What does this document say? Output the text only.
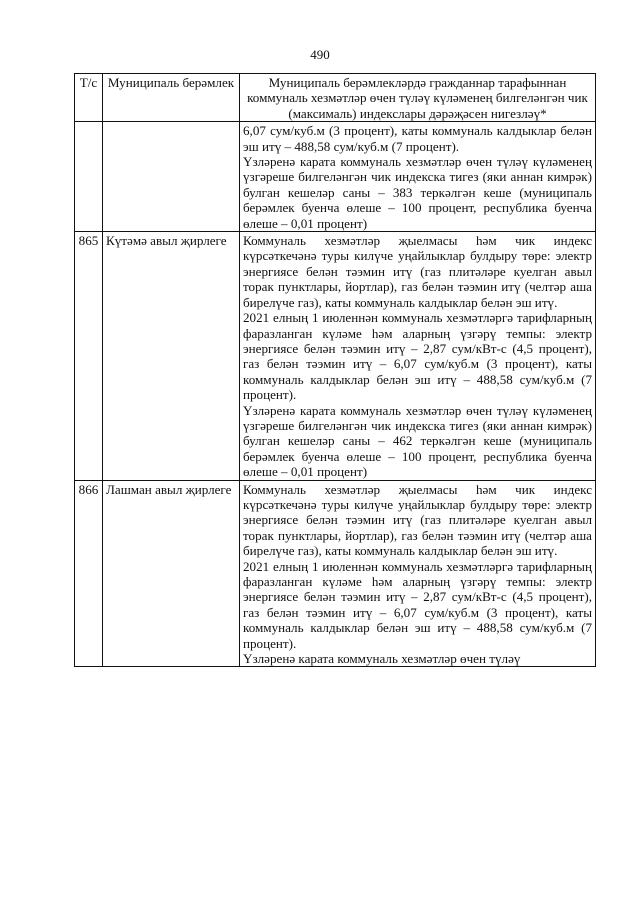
490
Т/с	Муниципаль берәмлек	Муниципаль берәмлекләрдә гражданнар тарафыннан коммуналь хезмәтләр өчен түләү күләменең билгеләнгән чик (максималь) индекслары дәрәҗәсен нигезләү*

		6,07 сум/куб.м (3 процент), каты коммуналь калдыклар белән эш итү – 488,58 сум/куб.м (7 процент).

Үзләренә карата коммуналь хезмәтләр өчен түләү күләменең үзгәреше билгеләнгән чик индекска тигез (яки аннан кимрәк) булган кешеләр саны – 383 теркәлгән кеше (муниципаль берәмлек буенча өлеше – 100 процент, республика буенча өлеше – 0,01 процент)

865	Күтәмә авыл җирлеге	Коммуналь хезмәтләр җыелмасы һәм чик индекс күрсәткечәнә туры килүче уңайлыклар булдыру төре: электр энергиясе белән тәэмин итү (газ плитәләре куелган авыл торак пунктлары, йортлар), газ белән тәэмин итү (челтәр аша бирелүче газ), каты коммуналь калдыклар белән эш итү.

2021 елның 1 июленнән коммуналь хезмәтләргә тарифларның фаразланган күләме һәм аларның үзгәрү темпы: электр энергиясе белән тәэмин итү – 2,87 сум/кВт-с (4,5 процент), газ белән тәэмин итү – 6,07 сум/куб.м (3 процент), каты коммуналь калдыклар белән эш итү – 488,58 сум/куб.м (7 процент).

Үзләренә карата коммуналь хезмәтләр өчен түләү күләменең үзгәреше билгеләнгән чик индекска тигез (яки аннан кимрәк) булган кешеләр саны – 462 теркәлгән кеше (муниципаль берәмлек буенча өлеше – 100 процент, республика буенча өлеше – 0,01 процент)

866	Лашман авыл җирлеге	Коммуналь хезмәтләр җыелмасы һәм чик индекс күрсәткечәнә туры килүче уңайлыклар булдыру төре: электр энергиясе белән тәэмин итү (газ плитәләре куелган авыл торак пунктлары, йортлар), газ белән тәэмин итү (челтәр аша бирелүче газ), каты коммуналь калдыклар белән эш итү.

2021 елның 1 июленнән коммуналь хезмәтләргә тарифларның фаразланган күләме һәм аларның үзгәрү темпы: электр энергиясе белән тәэмин итү – 2,87 сум/кВт-с (4,5 процент), газ белән тәэмин итү – 6,07 сум/куб.м (3 процент), каты коммуналь калдыклар белән эш итү – 488,58 сум/куб.м (7 процент).

Үзләренә карата коммуналь хезмәтләр өчен түләү
